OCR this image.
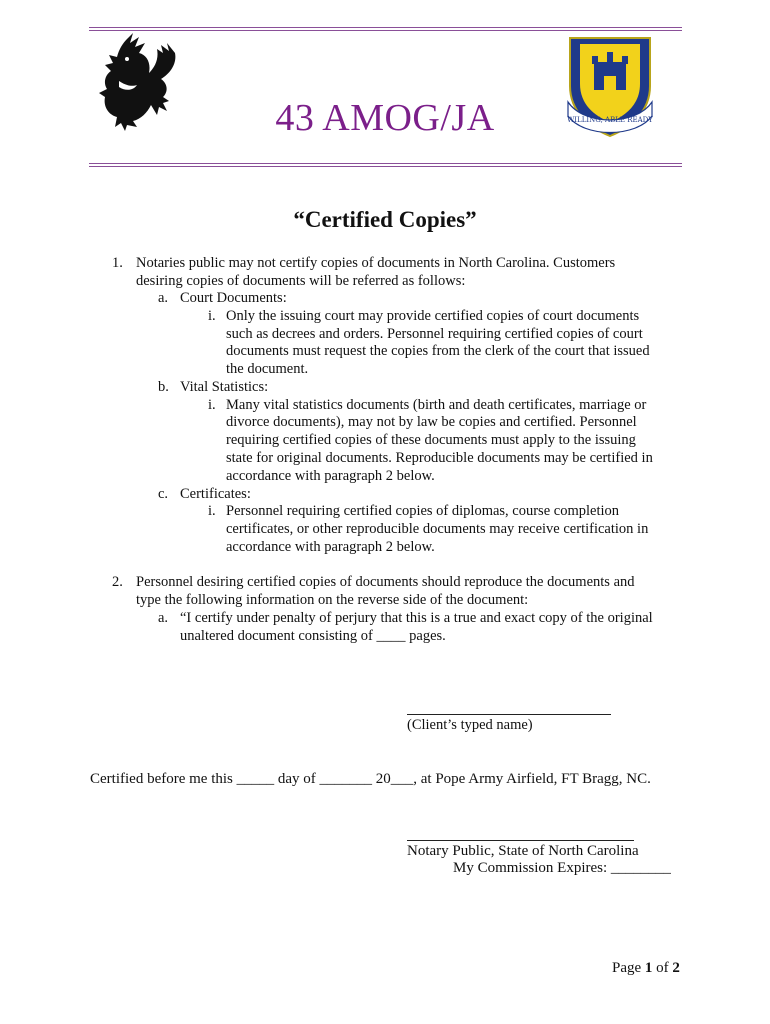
WILLING, ABLE READY
43 AMOG/JA
“Certified Copies”
1. Notaries public may not certify copies of documents in North Carolina. Customers
desiring copies of documents will be referred as follows:
a. Court Documents:
i. Only the issuing court may provide certified copies of court documents
such as decrees and orders. Personnel requiring certified copies of court
documents must request the copies from the clerk of the court that issued
the document.
b. Vital Statistics:
i. Many vital statistics documents (birth and death certificates, marriage or
divorce documents), may not by law be copies and certified. Personnel
requiring certified copies of these documents must apply to the issuing
state for original documents. Reproducible documents may be certified in
accordance with paragraph 2 below.
c. Certificates:
i. Personnel requiring certified copies of diplomas, course completion
certificates, or other reproducible documents may receive certification in
accordance with paragraph 2 below.
2. Personnel desiring certified copies of documents should reproduce the documents and
type the following information on the reverse side of the document:
a. “I certify under penalty of perjury that this is a true and exact copy of the original
unaltered document consisting of ____ pages.
(Client’s typed name)
Certified before me this _____ day of _______ 20___, at Pope Army Airfield, FT Bragg, NC.
Notary Public, State of North Carolina
My Commission Expires: ________
Page 1 of 2
